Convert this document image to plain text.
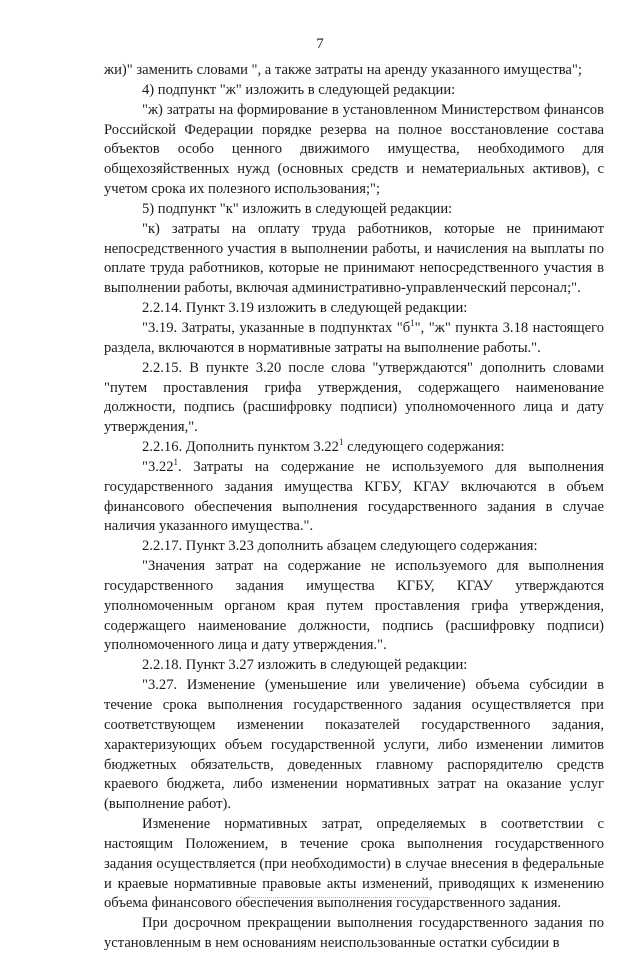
7

жи)" заменить словами ", а также затраты на аренду указанного имущества";

4) подпункт "ж" изложить в следующей редакции:

"ж) затраты на формирование в установленном Министерством финансов Российской Федерации порядке резерва на полное восстановление состава объектов особо ценного движимого имущества, необходимого для общехозяйственных нужд (основных средств и нематериальных активов), с учетом срока их полезного использования;";

5) подпункт "к" изложить в следующей редакции:

"к) затраты на оплату труда работников, которые не принимают непосредственного участия в выполнении работы, и начисления на выплаты по оплате труда работников, которые не принимают непосредственного участия в выполнении работы, включая административно-управленческий персонал;".

2.2.14. Пункт 3.19 изложить в следующей редакции:

"3.19. Затраты, указанные в подпунктах "$б^1$", "ж" пункта 3.18 настоящего раздела, включаются в нормативные затраты на выполнение работы.".

2.2.15. В пункте 3.20 после слова "утверждаются" дополнить словами "путем проставления грифа утверждения, содержащего наименование должности, подпись (расшифровку подписи) уполномоченного лица и дату утверждения,".

2.2.16. Дополнить пунктом 3.22$^1$ следующего содержания:

"3.22$^1$. Затраты на содержание не используемого для выполнения государственного задания имущества КГБУ, КГАУ включаются в объем финансового обеспечения выполнения государственного задания в случае наличия указанного имущества.".

2.2.17. Пункт 3.23 дополнить абзацем следующего содержания:

"Значения затрат на содержание не используемого для выполнения государственного задания имущества КГБУ, КГАУ утверждаются уполномоченным органом края путем проставления грифа утверждения, содержащего наименование должности, подпись (расшифровку подписи) уполномоченного лица и дату утверждения.".

2.2.18. Пункт 3.27 изложить в следующей редакции:

"3.27. Изменение (уменьшение или увеличение) объема субсидии в течение срока выполнения государственного задания осуществляется при соответствующем изменении показателей государственного задания, характеризующих объем государственной услуги, либо изменении лимитов бюджетных обязательств, доведенных главному распорядителю средств краевого бюджета, либо изменении нормативных затрат на оказание услуг (выполнение работ).

Изменение нормативных затрат, определяемых в соответствии с настоящим Положением, в течение срока выполнения государственного задания осуществляется (при необходимости) в случае внесения в федеральные и краевые нормативные правовые акты изменений, приводящих к изменению объема финансового обеспечения выполнения государственного задания.

При досрочном прекращении выполнения государственного задания по установленным в нем основаниям неиспользованные остатки субсидии в
